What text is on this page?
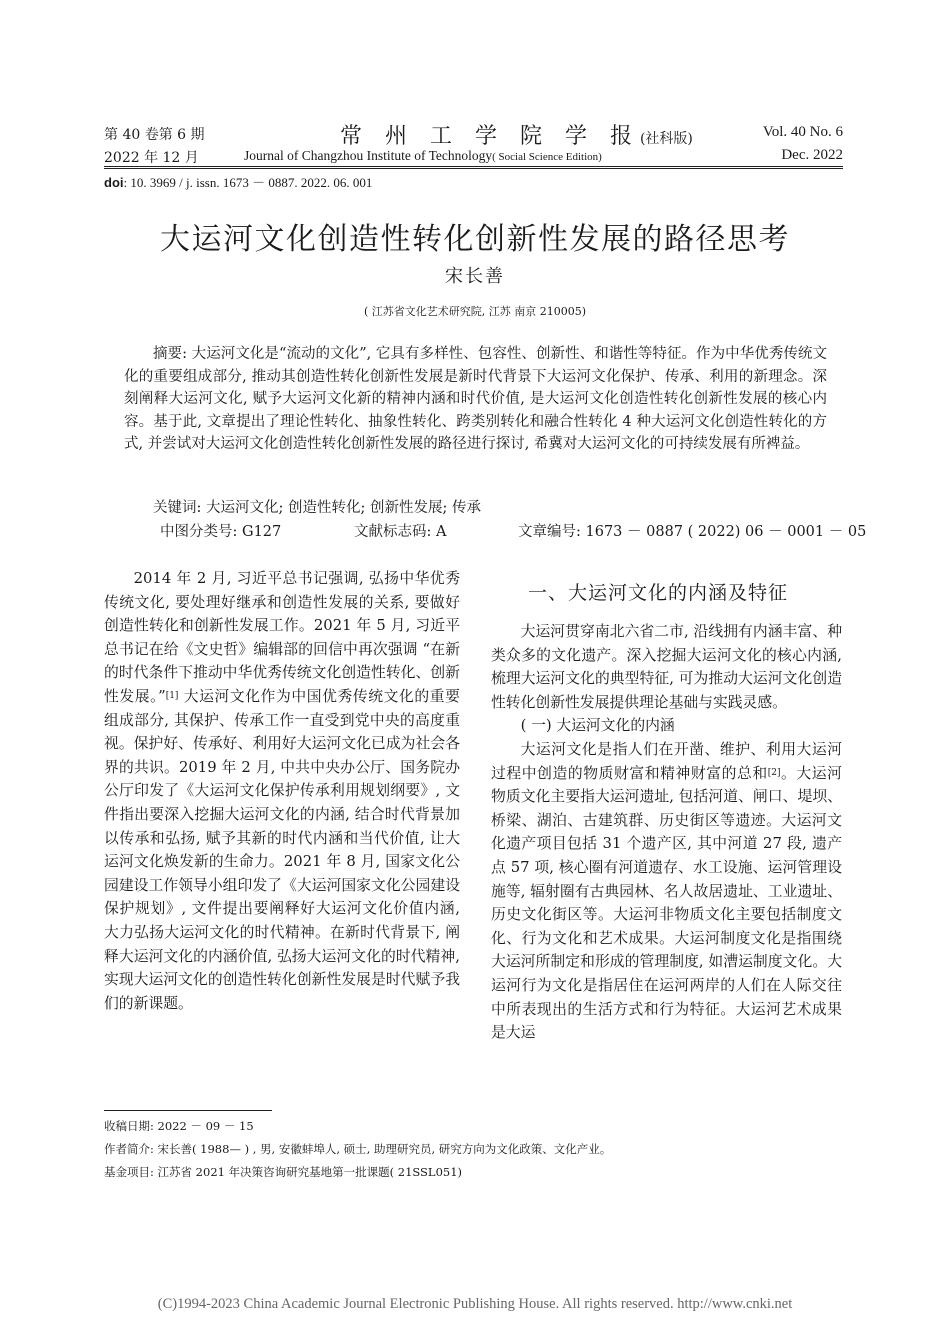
第 40 卷第 6 期	常 州 工 学 院 学 报(社科版)	Vol. 40 No. 6
2022 年 12 月	Journal of Changzhou Institute of Technology( Social Science Edition)	Dec. 2022
doi: 10. 3969 / j. issn. 1673 － 0887. 2022. 06. 001
大运河文化创造性转化创新性发展的路径思考
宋长善
( 江苏省文化艺术研究院, 江苏 南京 210005)
摘要: 大运河文化是“流动的文化”, 它具有多样性、包容性、创新性、和谐性等特征。作为中华优秀传统文化的重要组成部分, 推动其创造性转化创新性发展是新时代背景下大运河文化保护、传承、利用的新理念。深刻阐释大运河文化, 赋予大运河文化新的精神内涵和时代价值, 是大运河文化创造性转化创新性发展的核心内容。基于此, 文章提出了理论性转化、抽象性转化、跨类别转化和融合性转化 4 种大运河文化创造性转化的方式, 并尝试对大运河文化创造性转化创新性发展的路径进行探讨, 希冀对大运河文化的可持续发展有所裨益。
关键词: 大运河文化; 创造性转化; 创新性发展; 传承
中图分类号: G127	文献标志码: A	文章编号: 1673 － 0887 ( 2022) 06 － 0001 － 05

2014 年 2 月, 习近平总书记强调, 弘扬中华优秀传统文化, 要处理好继承和创造性发展的关系, 要做好创造性转化和创新性发展工作。2021 年 5 月, 习近平总书记在给《文史哲》编辑部的回信中再次强调 “在新的时代条件下推动中华优秀传统文化创造性转化、创新性发展。”[1] 大运河文化作为中国优秀传统文化的重要组成部分, 其保护、传承工作一直受到党中央的高度重视。保护好、传承好、利用好大运河文化已成为社会各界的共识。2019 年 2 月, 中共中央办公厅、国务院办公厅印发了《大运河文化保护传承利用规划纲要》, 文件指出要深入挖掘大运河文化的内涵, 结合时代背景加以传承和弘扬, 赋予其新的时代内涵和当代价值, 让大运河文化焕发新的生命力。2021 年 8 月, 国家文化公园建设工作领导小组印发了《大运河国家文化公园建设保护规划》, 文件提出要阐释好大运河文化价值内涵, 大力弘扬大运河文化的时代精神。在新时代背景下, 阐释大运河文化的内涵价值, 弘扬大运河文化的时代精神, 实现大运河文化的创造性转化创新性发展是时代赋予我们的新课题。

一、大运河文化的内涵及特征

大运河贯穿南北六省二市, 沿线拥有内涵丰富、种类众多的文化遗产。深入挖掘大运河文化的核心内涵, 梳理大运河文化的典型特征, 可为推动大运河文化创造性转化创新性发展提供理论基础与实践灵感。

( 一) 大运河文化的内涵

大运河文化是指人们在开凿、维护、利用大运河过程中创造的物质财富和精神财富的总和[2]。大运河物质文化主要指大运河遗址, 包括河道、闸口、堤坝、桥梁、湖泊、古建筑群、历史街区等遗迹。大运河文化遗产项目包括 31 个遗产区, 其中河道 27 段, 遗产点 57 项, 核心圈有河道遗存、水工设施、运河管理设施等, 辐射圈有古典园林、名人故居遗址、工业遗址、历史文化街区等。大运河非物质文化主要包括制度文化、行为文化和艺术成果。大运河制度文化是指围绕大运河所制定和形成的管理制度, 如漕运制度文化。大运河行为文化是指居住在运河两岸的人们在人际交往中所表现出的生活方式和行为特征。大运河艺术成果是大运

收稿日期: 2022 － 09 － 15
作者简介: 宋长善( 1988— ) , 男, 安徽蚌埠人, 硕士, 助理研究员, 研究方向为文化政策、文化产业。
基金项目: 江苏省 2021 年决策咨询研究基地第一批课题( 21SSL051)
(C)1994-2023 China Academic Journal Electronic Publishing House. All rights reserved. http://www.cnki.net
